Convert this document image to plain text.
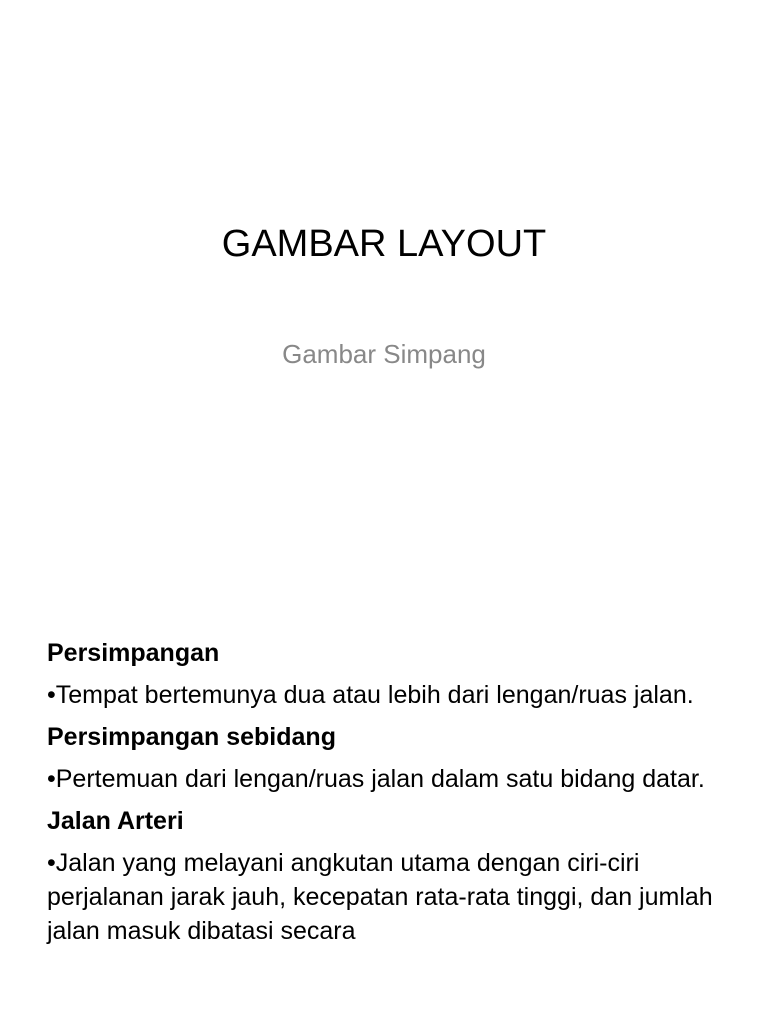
GAMBAR LAYOUT
Gambar Simpang
Persimpangan
•Tempat bertemunya dua atau lebih dari lengan/ruas jalan.
Persimpangan sebidang
•Pertemuan dari lengan/ruas jalan dalam satu bidang datar.
Jalan Arteri
•Jalan yang melayani angkutan utama dengan ciri-ciri perjalanan jarak jauh, kecepatan rata-rata tinggi, dan jumlah jalan masuk dibatasi secara
